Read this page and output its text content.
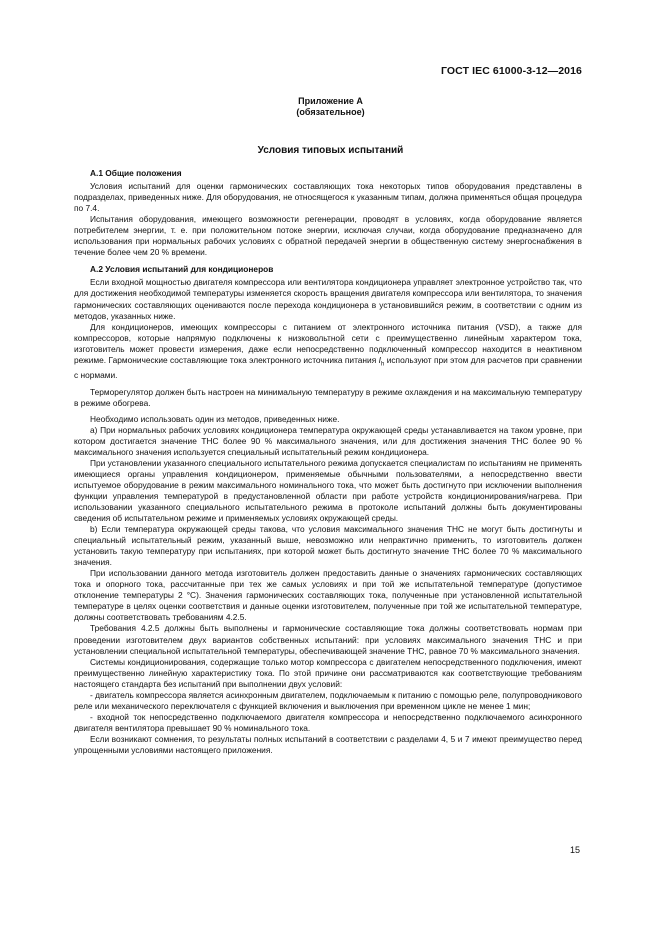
ГОСТ IEC 61000-3-12—2016
Приложение А
(обязательное)
Условия типовых испытаний
А.1 Общие положения

Условия испытаний для оценки гармонических составляющих тока некоторых типов оборудования представлены в подразделах, приведенных ниже. Для оборудования, не относящегося к указанным типам, должна применяться общая процедура по 7.4.

Испытания оборудования, имеющего возможности регенерации, проводят в условиях, когда оборудование является потребителем энергии, т. е. при положительном потоке энергии, исключая случаи, когда оборудование предназначено для использования при нормальных рабочих условиях с обратной передачей энергии в общественную систему энергоснабжения в течение более чем 20 % времени.

А.2 Условия испытаний для кондиционеров

Если входной мощностью двигателя компрессора или вентилятора кондиционера управляет электронное устройство так, что для достижения необходимой температуры изменяется скорость вращения двигателя компрессора или вентилятора, то значения гармонических составляющих оцениваются после перехода кондиционера в установившийся режим, в соответствии с одним из методов, указанных ниже.

Для кондиционеров, имеющих компрессоры с питанием от электронного источника питания (VSD), а также для компрессоров, которые напрямую подключены к низковольтной сети с преимущественно линейным характером тока, изготовитель может провести измерения, даже если непосредственно подключенный компрессор находится в неактивном режиме. Гармонические составляющие тока электронного источника питания $I_h$ используют при этом для расчетов при сравнении с нормами.

Терморегулятор должен быть настроен на минимальную температуру в режиме охлаждения и на максимальную температуру в режиме обогрева.

Необходимо использовать один из методов, приведенных ниже.

а) При нормальных рабочих условиях кондиционера температура окружающей среды устанавливается на таком уровне, при котором достигается значение ТНС более 90 % максимального значения, или для достижения значения ТНС более 90 % максимального значения используется специальный испытательный режим кондиционера.

При установлении указанного специального испытательного режима допускается специалистам по испытаниям не применять имеющиеся органы управления кондиционером, применяемые обычными пользователями, а непосредственно ввести испытуемое оборудование в режим максимального номинального тока, что может быть достигнуто при исключении выполнения функции управления температурой в предустановленной области при работе устройств кондиционирования/нагрева. При использовании указанного специального испытательного режима в протоколе испытаний должны быть документированы сведения об испытательном режиме и применяемых условиях окружающей среды.

b) Если температура окружающей среды такова, что условия максимального значения ТНС не могут быть достигнуты и специальный испытательный режим, указанный выше, невозможно или непрактично применить, то изготовитель должен установить такую температуру при испытаниях, при которой может быть достигнуто значение ТНС более 70 % максимального значения.

При использовании данного метода изготовитель должен предоставить данные о значениях гармонических составляющих тока и опорного тока, рассчитанные при тех же самых условиях и при той же испытательной температуре (допустимое отклонение температуры 2 °С). Значения гармонических составляющих тока, полученные при установленной испытательной температуре в целях оценки соответствия и данные оценки изготовителем, полученные при той же испытательной температуре, должны соответствовать требованиям 4.2.5.

Требования 4.2.5 должны быть выполнены и гармонические составляющие тока должны соответствовать нормам при проведении изготовителем двух вариантов собственных испытаний: при условиях максимального значения ТНС и при установлении специальной испытательной температуры, обеспечивающей значение ТНС, равное 70 % максимального значения.

Системы кондиционирования, содержащие только мотор компрессора с двигателем непосредственного подключения, имеют преимущественно линейную характеристику тока. По этой причине они рассматриваются как соответствующие требованиям настоящего стандарта без испытаний при выполнении двух условий:

- двигатель компрессора является асинхронным двигателем, подключаемым к питанию с помощью реле, полупроводникового реле или механического переключателя с функцией включения и выключения при временном цикле не менее 1 мин;

- входной ток непосредственно подключаемого двигателя компрессора и непосредственно подключаемого асинхронного двигателя вентилятора превышает 90 % номинального тока.

Если возникают сомнения, то результаты полных испытаний в соответствии с разделами 4, 5 и 7 имеют преимущество перед упрощенными условиями настоящего приложения.

15
